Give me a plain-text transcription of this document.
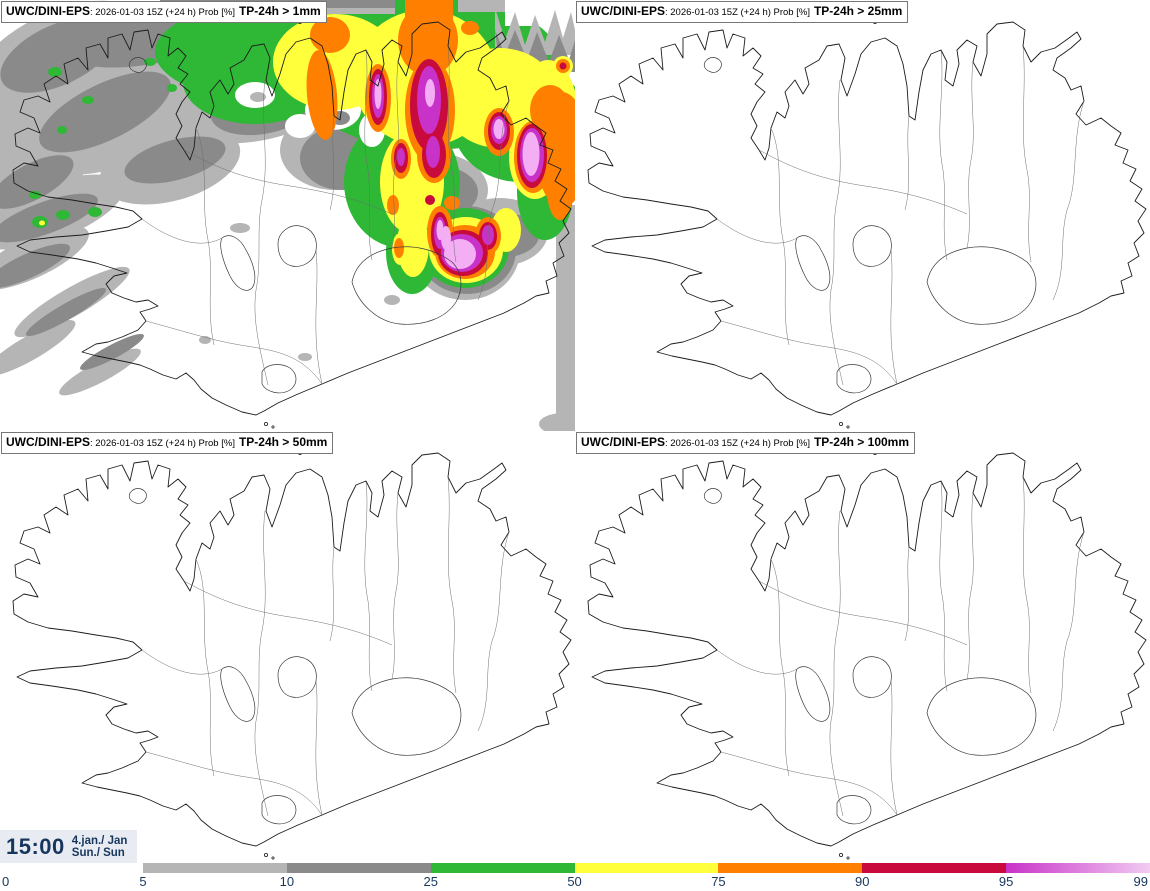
UWC/DINI-EPS: 2026-01-03 15Z (+24 h) Prob [%] TP-24h > 1mm	UWC/DINI-EPS: 2026-01-03 15Z (+24 h) Prob [%] TP-24h > 25mm
UWC/DINI-EPS: 2026-01-03 15Z (+24 h) Prob [%] TP-24h > 50mm	UWC/DINI-EPS: 2026-01-03 15Z (+24 h) Prob [%] TP-24h > 100mm
15:00 4.jan./ Jan
Sun./ Sun
0	5	10	25	50	75	90	95	99
